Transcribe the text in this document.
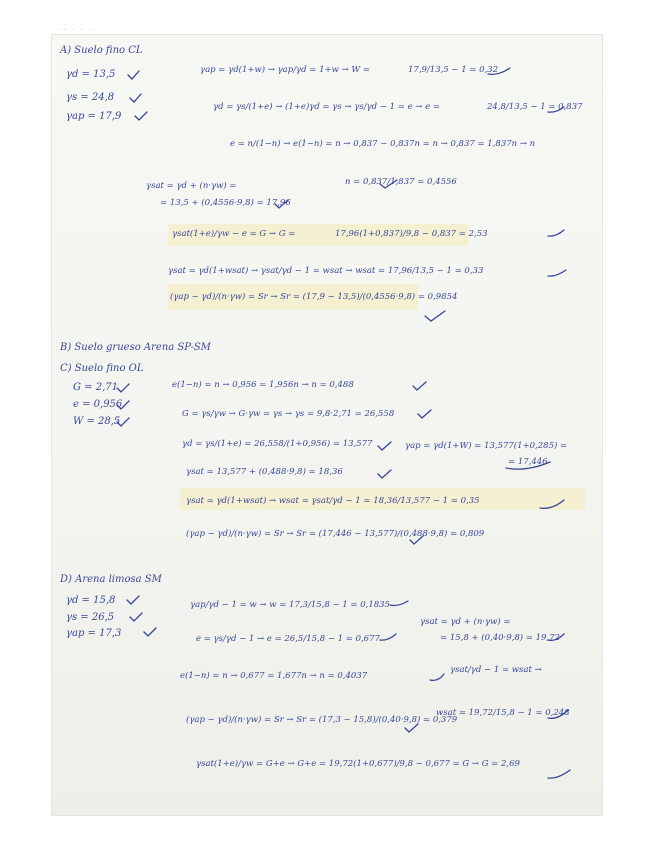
·· · · ·
A) Suelo fino CL
γd = 13,5
γs = 24,8
γap = 17,9
γap = γd(1+w) → γap/γd = 1+w → W =	17,9/13,5 − 1 = 0,32
γd = γs/(1+e) → (1+e)γd = γs → γs/γd − 1 = e → e =	24,8/13,5 − 1 = 0,837
e = n/(1−n) → e(1−n) = n → 0,837 − 0,837n = n → 0,837 = 1,837n → n
γsat = γd + (n·γw) =	n = 0,837/1,837 = 0,4556
= 13,5 + (0,4556·9,8) = 17,96
γsat(1+e)/γw − e = G → G =	17,96(1+0,837)/9,8 − 0,837 = 2,53
γsat = γd(1+wsat) → γsat/γd − 1 = wsat → wsat = 17,96/13,5 − 1 = 0,33
(γap − γd)/(n·γw) = Sr → Sr = (17,9 − 13,5)/(0,4556·9,8) = 0,9854
B) Suelo grueso Arena SP-SM
C) Suelo fino OL
G = 2,71
e = 0,956
W = 28,5
e(1−n) = n → 0,956 = 1,956n → n = 0,488
G = γs/γw → G·γw = γs → γs = 9,8·2,71 = 26,558
γd = γs/(1+e) = 26,558/(1+0,956) = 13,577	γap = γd(1+W) = 13,577(1+0,285) =
= 17,446
γsat = 13,577 + (0,488·9,8) = 18,36
γsat = γd(1+wsat) → wsat = γsat/γd − 1 = 18,36/13,577 − 1 = 0,35
(γap − γd)/(n·γw) = Sr → Sr = (17,446 − 13,577)/(0,488·9,8) = 0,809
D) Arena limosa SM
γd = 15,8
γs = 26,5
γap = 17,3
γap/γd − 1 = w → w = 17,3/15,8 − 1 = 0,1835
γsat = γd + (n·γw) =
= 15,8 + (0,40·9,8) = 19,72
e = γs/γd − 1 → e = 26,5/15,8 − 1 = 0,677
e(1−n) = n → 0,677 = 1,677n → n = 0,4037
γsat/γd − 1 = wsat →
(γap − γd)/(n·γw) = Sr → Sr = (17,3 − 15,8)/(0,40·9,8) = 0,379
wsat = 19,72/15,8 − 1 = 0,248
γsat(1+e)/γw = G+e → G+e = 19,72(1+0,677)/9,8 − 0,677 = G → G = 2,69
